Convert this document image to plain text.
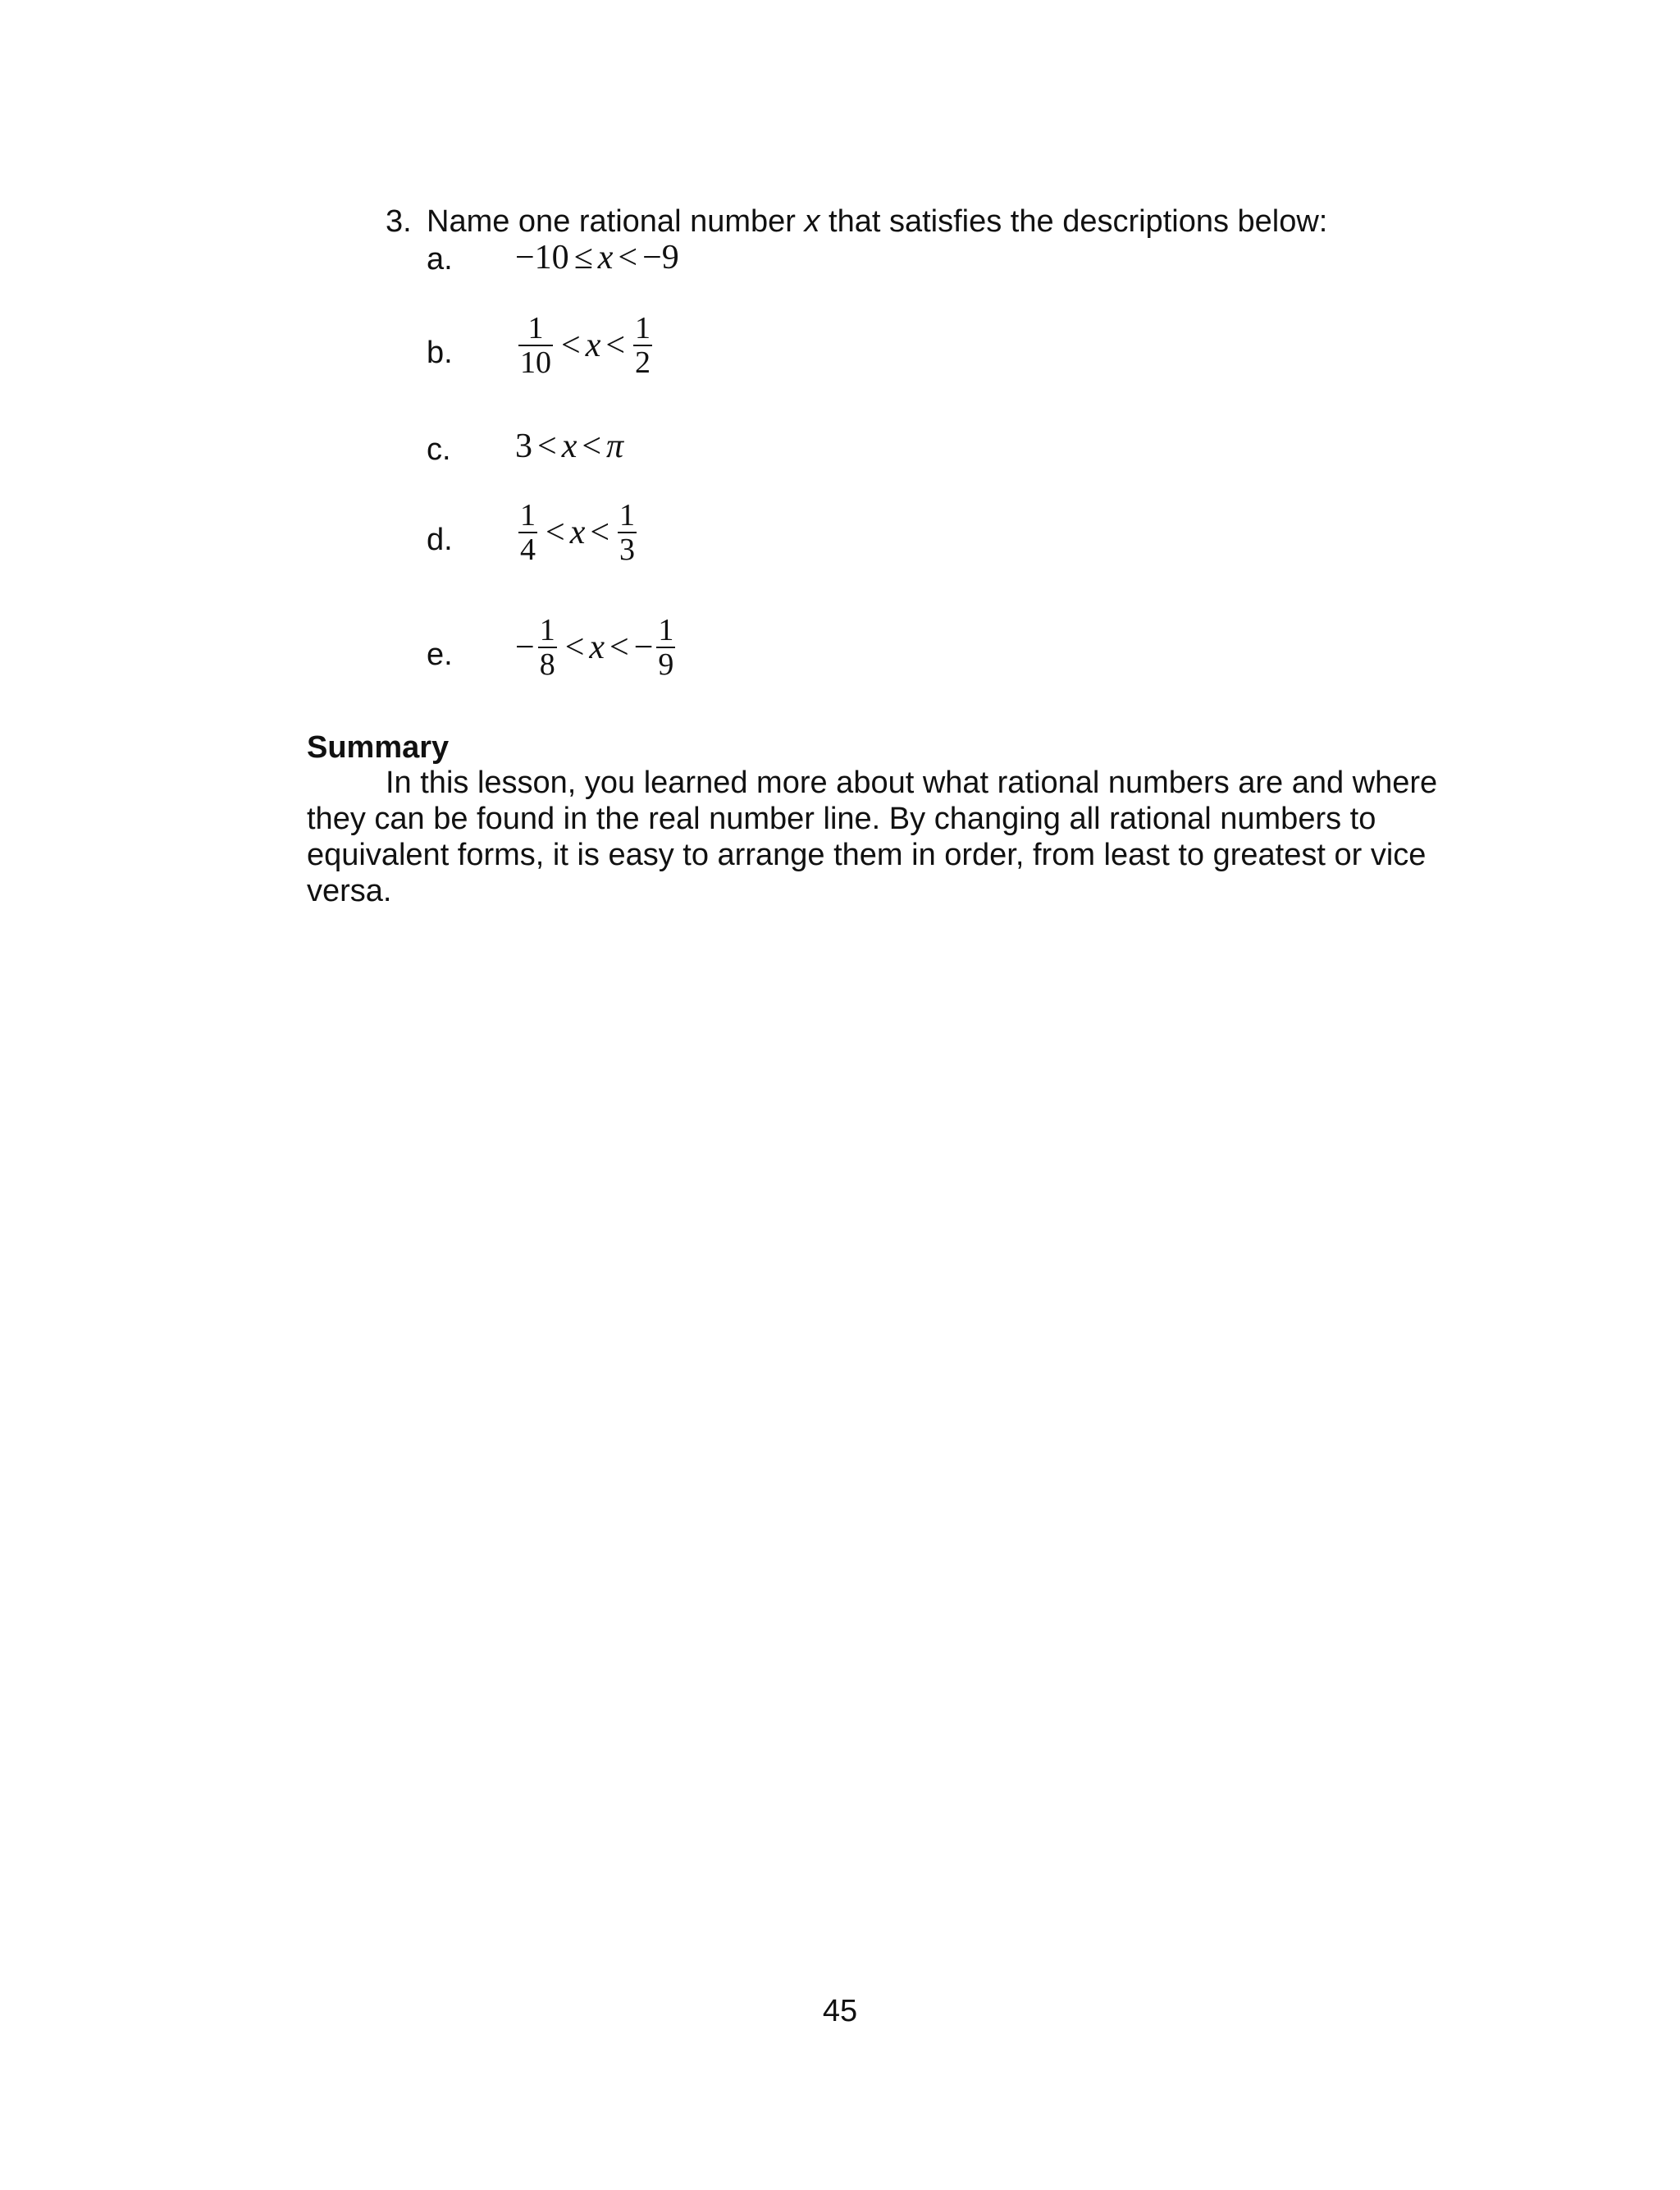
3. Name one rational number x that satisfies the descriptions below:
a. −10 ≤ x < −9
b. $\frac{1}{10} < x < \frac{1}{2}$
c. 3 < x < π
d. $\frac{1}{4} < x < \frac{1}{3}$
e. − $\frac{1}{8} < x$ < − $\frac{1}{9}$
Summary

In this lesson, you learned more about what rational numbers are and where they can be found in the real number line. By changing all rational numbers to equivalent forms, it is easy to arrange them in order, from least to greatest or vice versa.

45
